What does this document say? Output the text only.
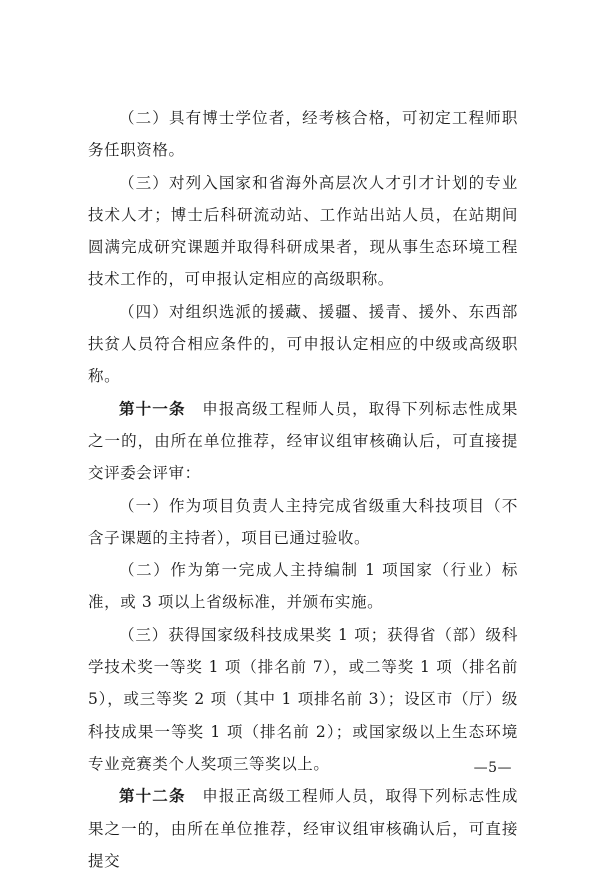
（二）具有博士学位者，经考核合格，可初定工程师职务任职资格。

（三）对列入国家和省海外高层次人才引才计划的专业技术人才；博士后科研流动站、工作站出站人员，在站期间圆满完成研究课题并取得科研成果者，现从事生态环境工程技术工作的，可申报认定相应的高级职称。

（四）对组织选派的援藏、援疆、援青、援外、东西部扶贫人员符合相应条件的，可申报认定相应的中级或高级职称。

第十一条　申报高级工程师人员，取得下列标志性成果之一的，由所在单位推荐，经审议组审核确认后，可直接提交评委会评审：

（一）作为项目负责人主持完成省级重大科技项目（不含子课题的主持者），项目已通过验收。

（二）作为第一完成人主持编制 1 项国家（行业）标准，或 3 项以上省级标准，并颁布实施。

（三）获得国家级科技成果奖 1 项；获得省（部）级科学技术奖一等奖 1 项（排名前 7），或二等奖 1 项（排名前 5），或三等奖 2 项（其中 1 项排名前 3）；设区市（厅）级科技成果一等奖 1 项（排名前 2）；或国家级以上生态环境专业竞赛类个人奖项三等奖以上。

第十二条　申报正高级工程师人员，取得下列标志性成果之一的，由所在单位推荐，经审议组审核确认后，可直接提交

—5—
